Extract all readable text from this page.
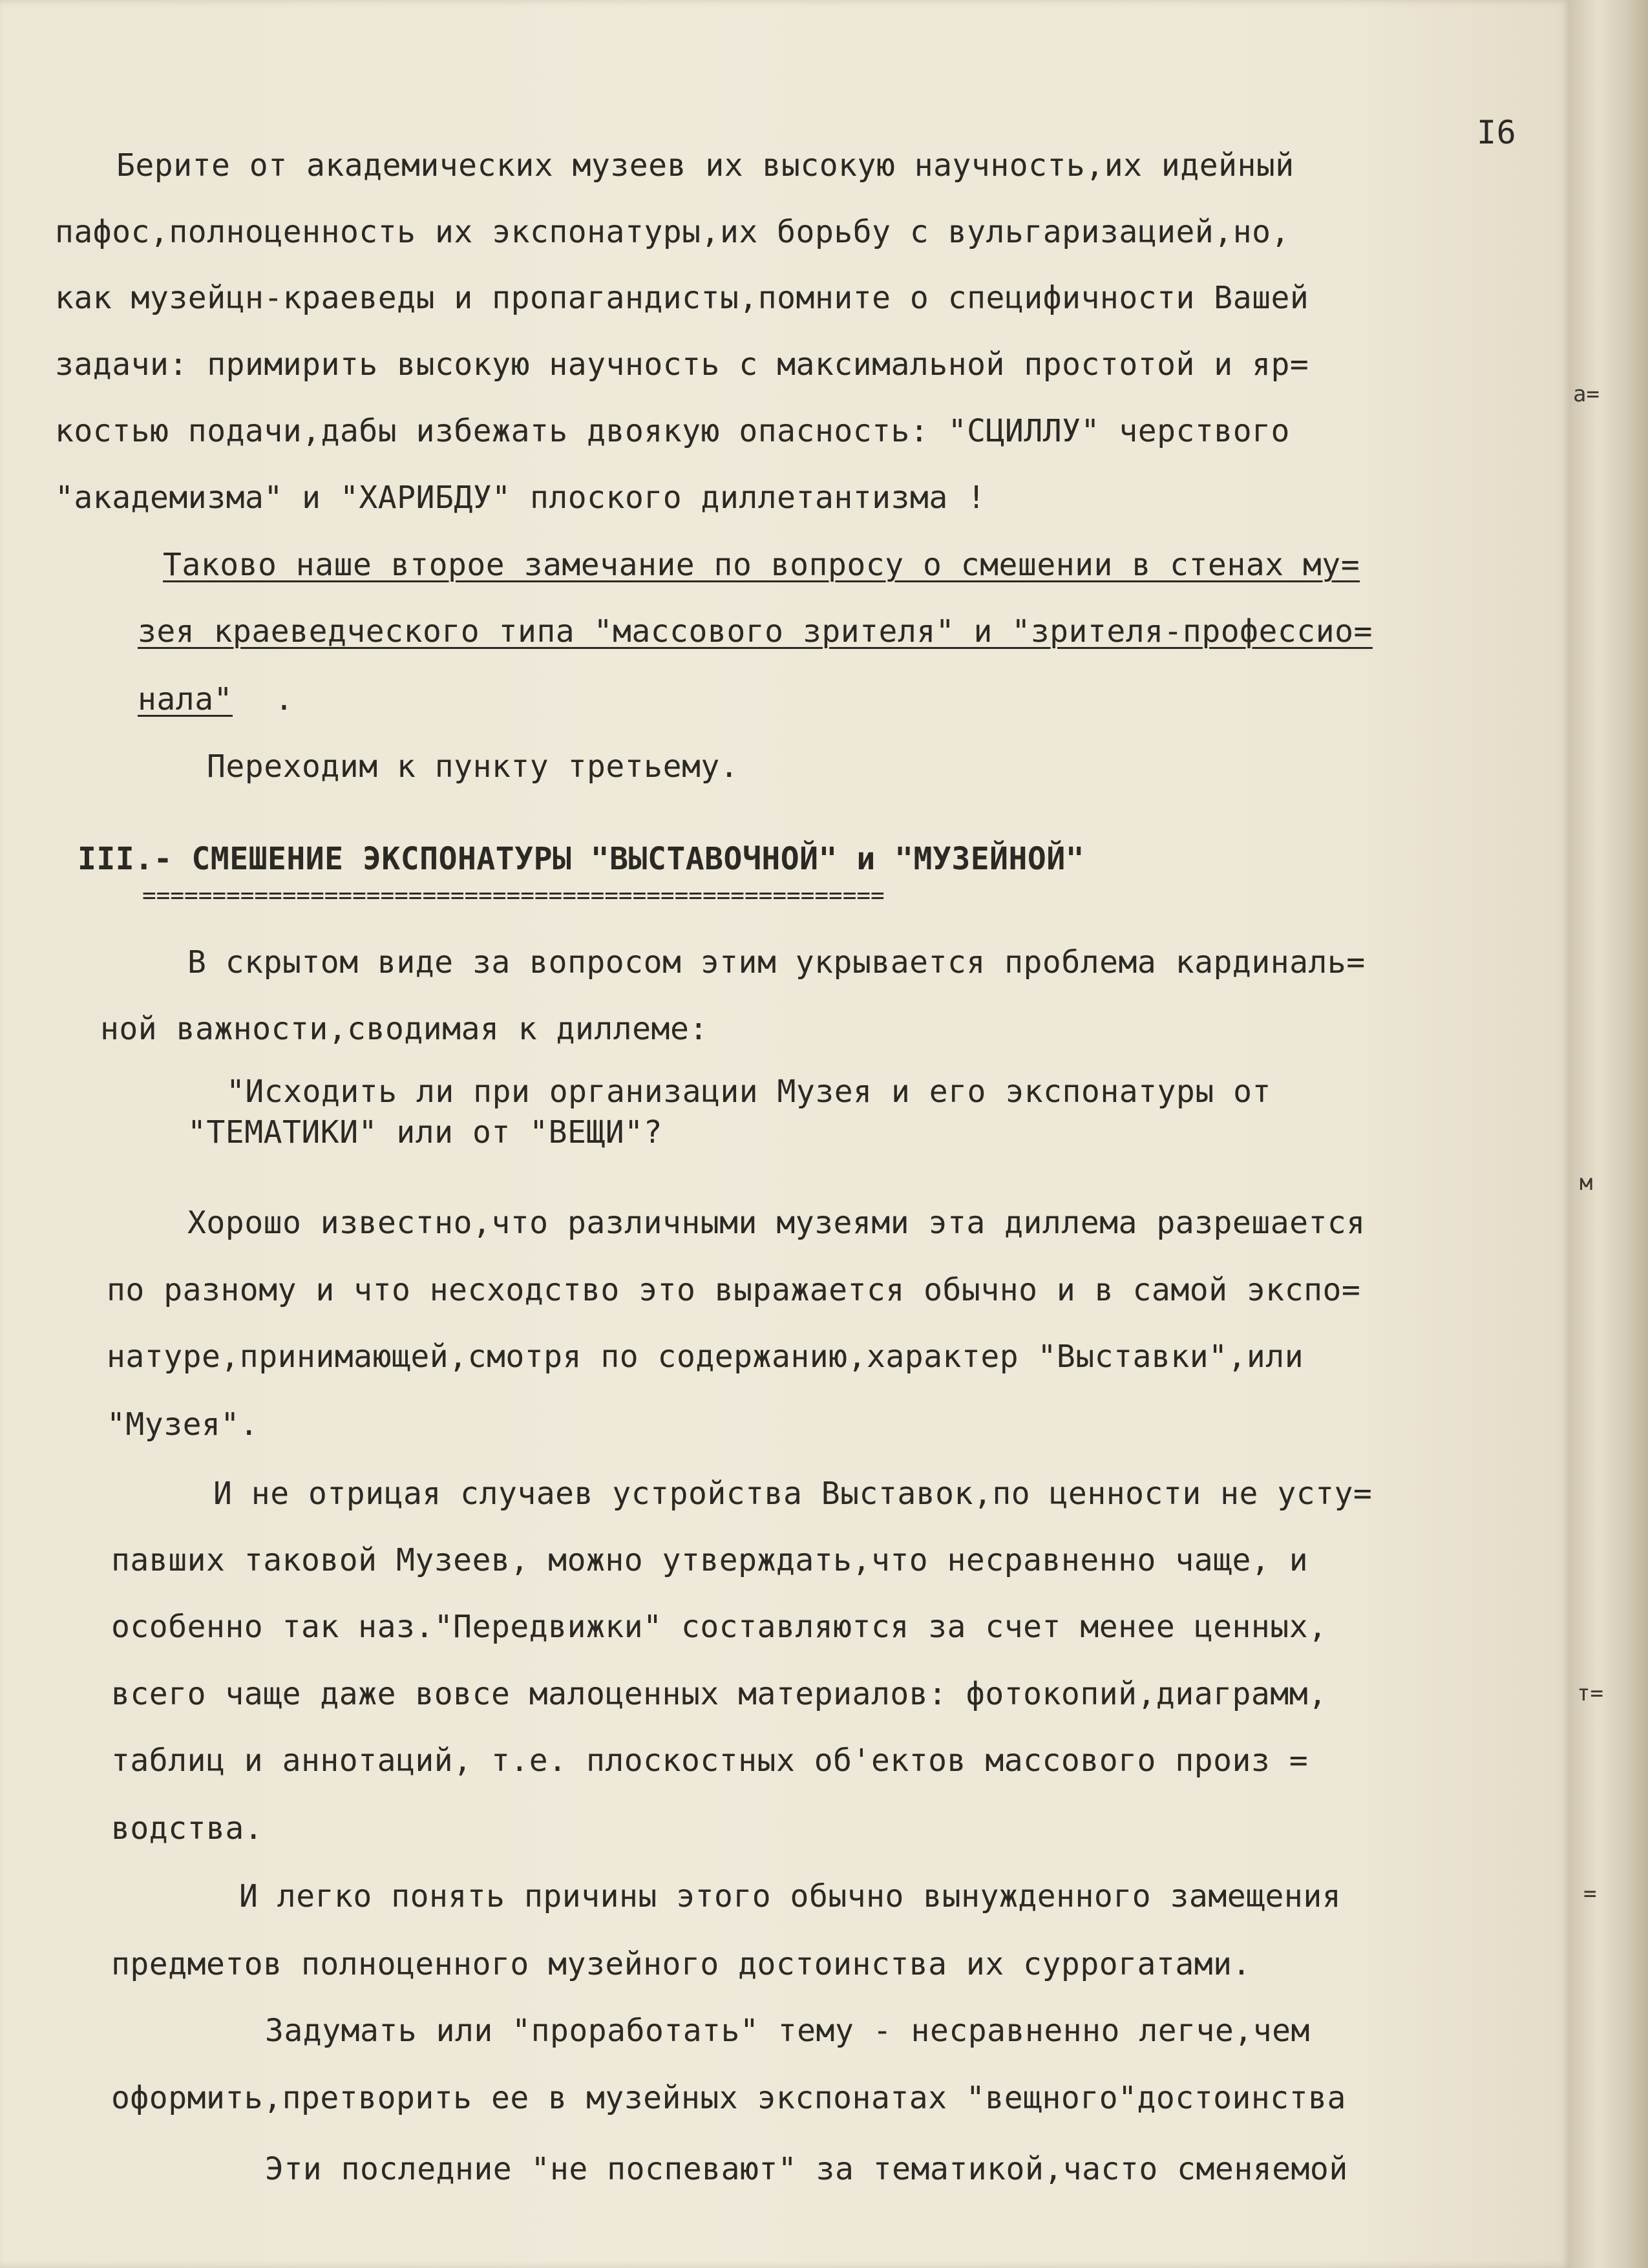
I6
Берите от академических музеев их высокую научность,их идейный
пафос,полноценность их экспонатуры,их борьбу с вульгаризацией,но,
как музейцн-краеведы и пропагандисты,помните о специфичности Вашей
задачи: примирить высокую научность с максимальной простотой и яр=
костью подачи,дабы избежать двоякую опасность: "СЦИЛЛУ" черствого
"академизма" и "ХАРИБДУ" плоского диллетантизма !
Таково наше второе замечание по вопросу о смешении в стенах му=
зея краеведческого типа "массового зрителя" и "зрителя-профессио=
нала" .
Переходим к пункту третьему.
III.- СМЕШЕНИЕ ЭКСПОНАТУРЫ "ВЫСТАВОЧНОЙ" и "МУЗЕЙНОЙ"
=====================================================
В скрытом виде за вопросом этим укрывается проблема кардиналь=
ной важности,сводимая к диллеме:
"Исходить ли при организации Музея и его экспонатуры от
"ТЕМАТИКИ" или от "ВЕЩИ"?
Хорошо известно,что различными музеями эта диллема разрешается
по разному и что несходство это выражается обычно и в самой экспо=
натуре,принимающей,смотря по содержанию,характер "Выставки",или
"Музея".
И не отрицая случаев устройства Выставок,по ценности не усту=
павших таковой Музеев, можно утверждать,что несравненно чаще, и
особенно так наз."Передвижки" составляются за счет менее ценных,
всего чаще даже вовсе малоценных материалов: фотокопий,диаграмм,
таблиц и аннотаций, т.е. плоскостных об'ектов массового произ =
водства.
И легко понять причины этого обычно вынужденного замещения
предметов полноценного музейного достоинства их суррогатами.
Задумать или "проработать" тему - несравненно легче,чем
оформить,претворить ее в музейных экспонатах "вещного"достоинства
Эти последние "не поспевают" за тематикой,часто сменяемой
а=
м
т=
=
